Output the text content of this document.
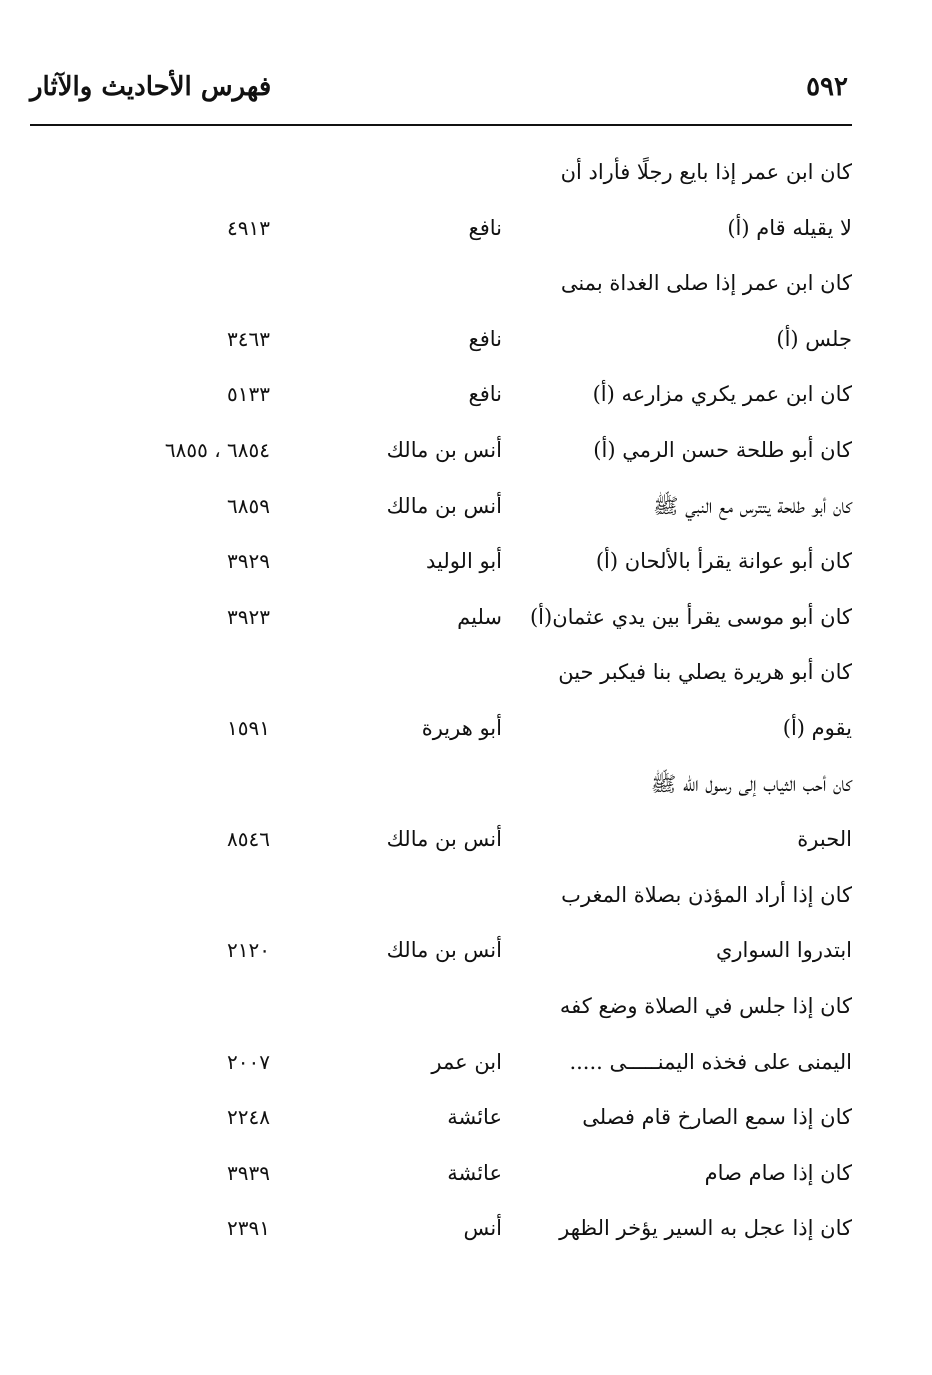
٥٩٢
فهرس الأحاديث والآثار
كان ابن عمر إذا بايع رجلًا فأراد أن
لا يقيله قام (أ)
نافع
٤٩١٣
كان ابن عمر إذا صلى الغداة بمنى
جلس (أ)
نافع
٣٤٦٣
كان ابن عمر يكري مزارعه (أ)
نافع
٥١٣٣
كان أبو طلحة حسن الرمي (أ)
أنس بن مالك
٦٨٥٤ ، ٦٨٥٥
كان أبو طلحة يتترس مع النبي ﷺ
أنس بن مالك
٦٨٥٩
كان أبو عوانة يقرأ بالألحان (أ)
أبو الوليد
٣٩٢٩
كان أبو موسى يقرأ بين يدي عثمان(أ)
سليم
٣٩٢٣
كان أبو هريرة يصلي بنا فيكبر حين
يقوم (أ)
أبو هريرة
١٥٩١
كان أحب الثياب إلى رسول الله ﷺ
الحبرة
أنس بن مالك
٨٥٤٦
كان إذا أراد المؤذن بصلاة المغرب
ابتدروا السواري
أنس بن مالك
٢١٢٠
كان إذا جلس في الصلاة وضع كفه
اليمنى على فخذه اليمنـــــى .....
ابن عمر
٢٠٠٧
كان إذا سمع الصارخ قام فصلى
عائشة
٢٢٤٨
كان إذا صام صام
عائشة
٣٩٣٩
كان إذا عجل به السير يؤخر الظهر
أنس
٢٣٩١
